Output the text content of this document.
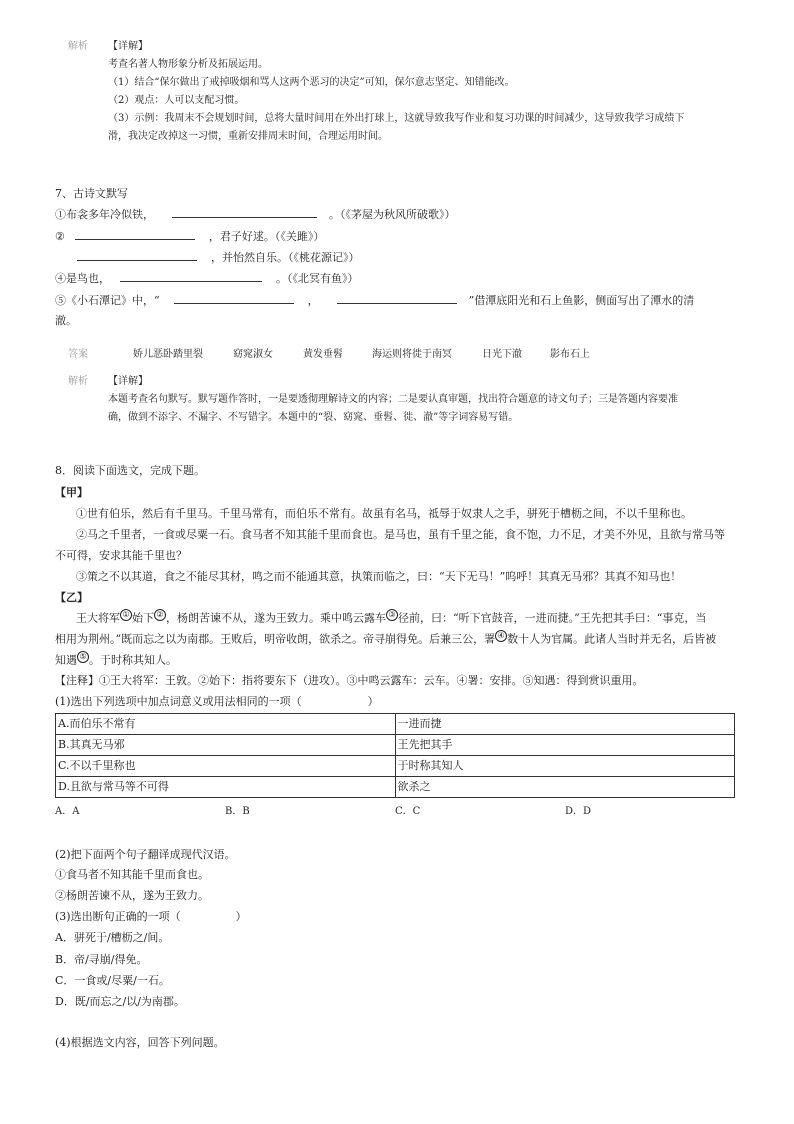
解析 【详解】
考查名著人物形象分析及拓展运用。
（1）结合“保尔做出了戒掉吸烟和骂人这两个恶习的决定”可知，保尔意志坚定、知错能改。
（2）观点：人可以支配习惯。
（3）示例：我周末不会规划时间，总将大量时间用在外出打球上，这就导致我写作业和复习功课的时间减少，这导致我学习成绩下
滑，我决定改掉这一习惯，重新安排周末时间，合理运用时间。
7、古诗文默写
①布衾多年冷似铁，	。（《茅屋为秋风所破歌》）
②	，君子好逑。（《关雎》）
，并怡然自乐。（《桃花源记》）
④是鸟也，	。（《北冥有鱼》）
⑤《小石潭记》中，“	，	”借潭底阳光和石上鱼影，侧面写出了潭水的清
澈。
答案	娇儿恶卧踏里裂	窈窕淑女	黄发垂髫	海运则将徙于南冥	日光下澈	影布石上
解析 【详解】
本题考查名句默写。默写题作答时，一是要透彻理解诗文的内容；二是要认真审题，找出符合题意的诗文句子；三是答题内容要准
确，做到不添字、不漏字、不写错字。本题中的“裂、窈窕、垂髫、徙、澈”等字词容易写错。
8．阅读下面选文，完成下题。
【甲】
①世有伯乐，然后有千里马。千里马常有，而伯乐不常有。故虽有名马，祗辱于奴隶人之手，骈死于槽枥之间，不以千里称也。
②马之千里者，一食或尽粟一石。食马者不知其能千里而食也。是马也，虽有千里之能，食不饱，力不足，才美不外见，且欲与常马等
不可得，安求其能千里也？
③策之不以其道，食之不能尽其材，鸣之而不能通其意，执策而临之，曰：“天下无马！”呜呼！其真无马邪？其真不知马也！
【乙】
王大将军 ① 始下 ② ，杨朗苦谏不从，遂为王致力。乘中鸣云露车 ③ 径前，曰：“听下官鼓音，一进而捷。”王先把其手曰：“事克，当
相用为荆州。”既而忘之以为南郡。王败后，明帝收朗，欲杀之。帝寻崩得免。后兼三公，署 ④ 数十人为官属。此诸人当时并无名，后皆被
知遇 ⑤ 。于时称其知人。
【注释】①王大将军：王敦。②始下：指将要东下（进攻）。③中鸣云露车：云车。④署：安排。⑤知遇：得到赏识重用。
(1)选出下列选项中加点词意义或用法相同的一项（　　　　　　）
A.而伯乐不常有	一进而捷
B.其真无马邪	王先把其手
C.不以千里称也	于时称其知人
D.且欲与常马等不可得	欲杀之
A．A	B．B	C．C	D．D
(2)把下面两个句子翻译成现代汉语。
①食马者不知其能千里而食也。
②杨朗苦谏不从，遂为王致力。
(3)选出断句正确的一项（　　　　　）
A．骈死于/槽枥之/间。
B．帝/寻崩/得免。
C．一食或/尽粟/一石。
D．既/而忘之/以/为南郡。
(4)根据选文内容，回答下列问题。
